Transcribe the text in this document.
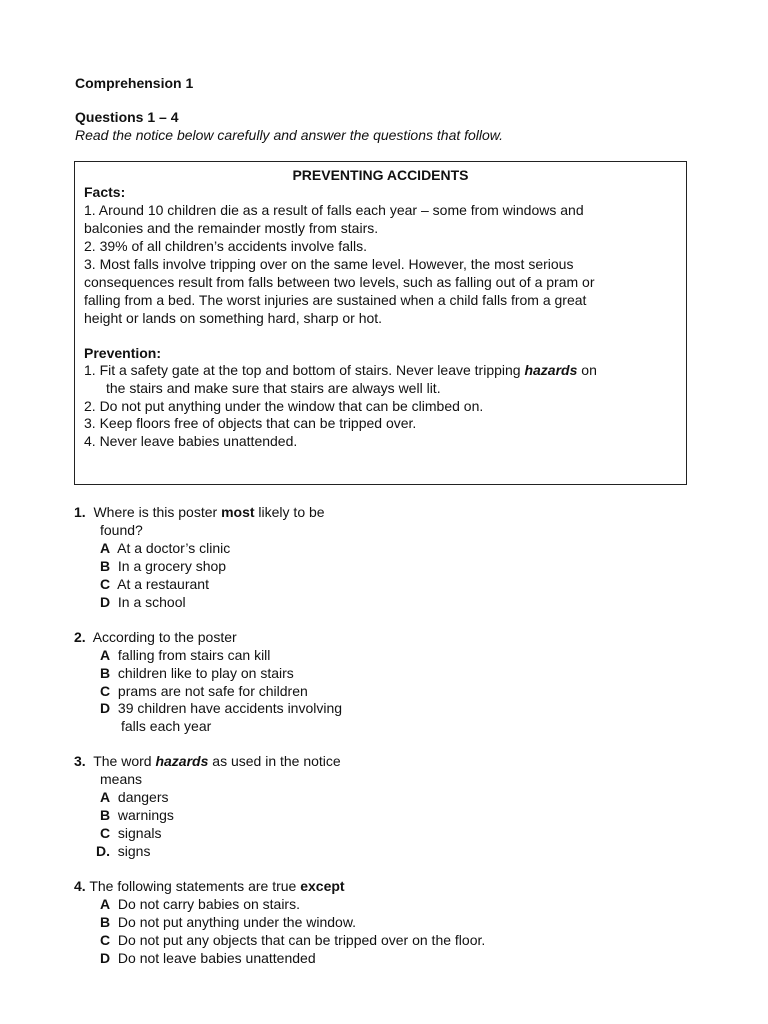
Comprehension 1
Questions 1 – 4
Read the notice below carefully and answer the questions that follow.
PREVENTING ACCIDENTS
Facts:
1. Around 10 children die as a result of falls each year – some from windows and
balconies and the remainder mostly from stairs.
2. 39% of all children’s accidents involve falls.
3. Most falls involve tripping over on the same level. However, the most serious
consequences result from falls between two levels, such as falling out of a pram or
falling from a bed. The worst injuries are sustained when a child falls from a great
height or lands on something hard, sharp or hot.
Prevention:
1. Fit a safety gate at the top and bottom of stairs. Never leave tripping hazards on
the stairs and make sure that stairs are always well lit.
2. Do not put anything under the window that can be climbed on.
3. Keep floors free of objects that can be tripped over.
4. Never leave babies unattended.
1. Where is this poster most likely to be
found?
A At a doctor’s clinic
B In a grocery shop
C At a restaurant
D In a school
2. According to the poster
A falling from stairs can kill
B children like to play on stairs
C prams are not safe for children
D 39 children have accidents involving
falls each year
3. The word hazards as used in the notice
means
A dangers
B warnings
C signals
D. signs
4. The following statements are true except
A Do not carry babies on stairs.
B Do not put anything under the window.
C Do not put any objects that can be tripped over on the floor.
D Do not leave babies unattended
